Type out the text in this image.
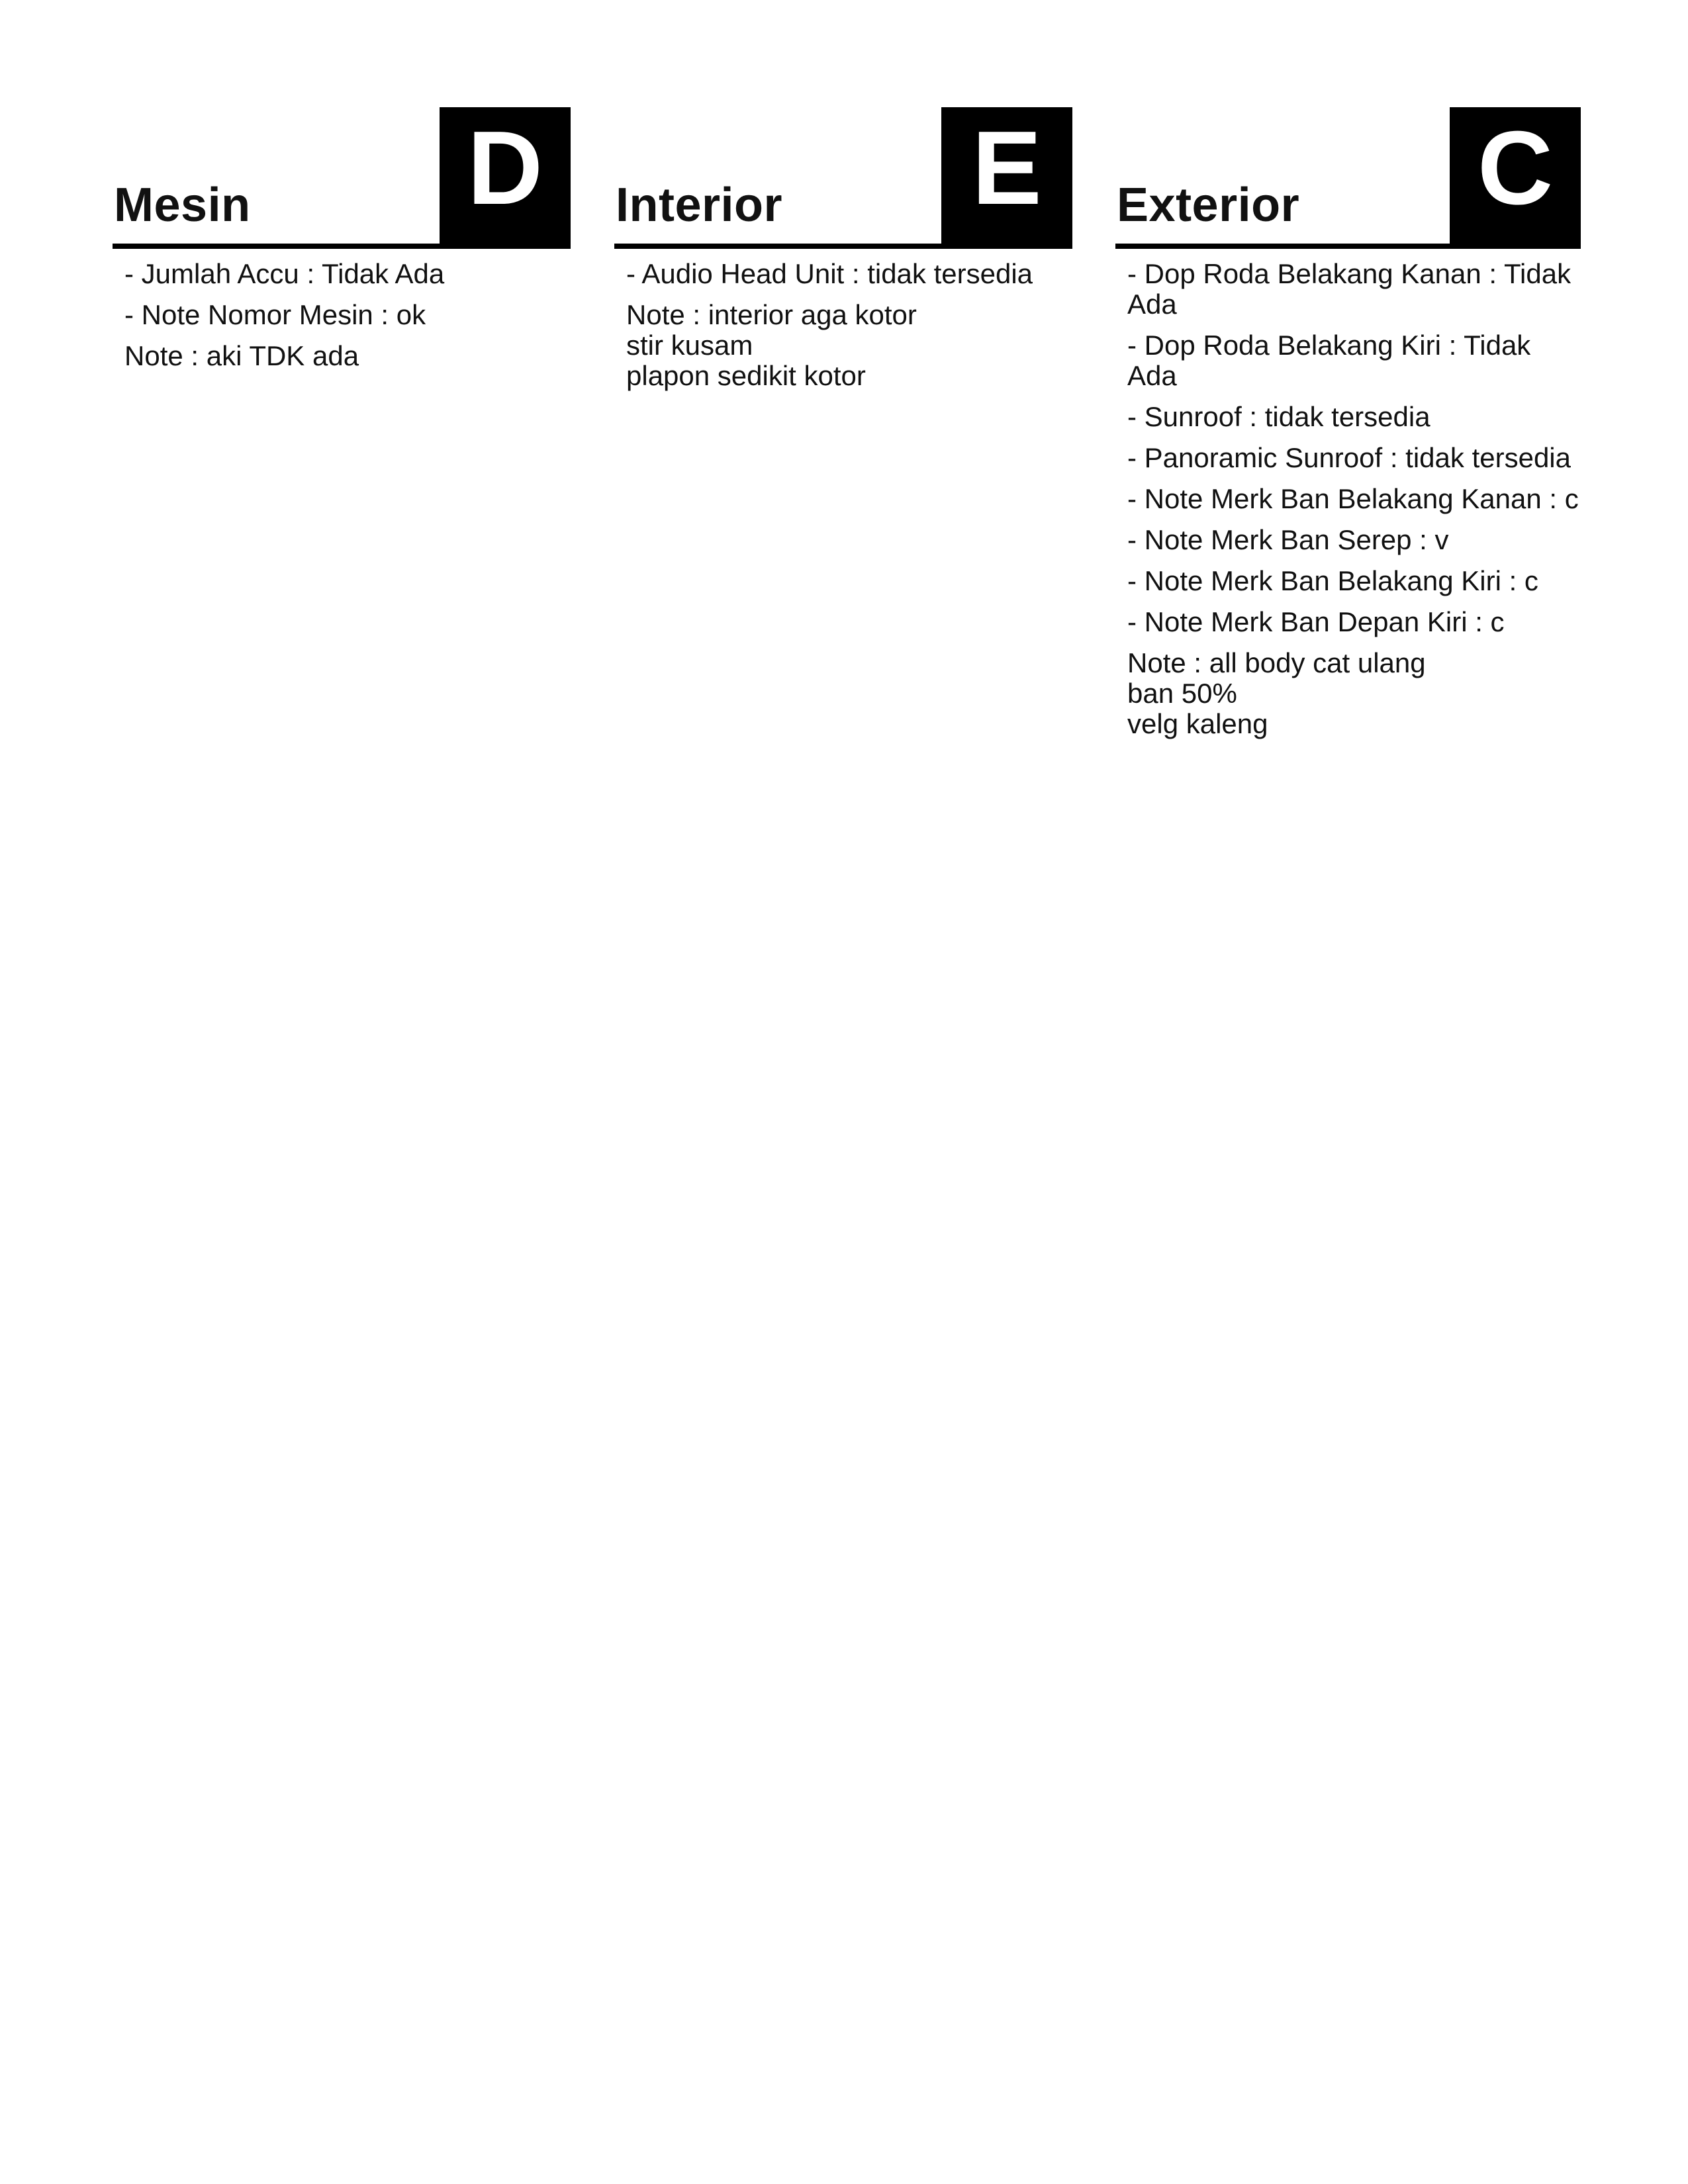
Mesin D
- Jumlah Accu : Tidak Ada
- Note Nomor Mesin : ok
Note : aki TDK ada
Interior E
- Audio Head Unit : tidak tersedia
Note : interior aga kotor
stir kusam
plapon sedikit kotor
Exterior C
- Dop Roda Belakang Kanan : Tidak Ada
- Dop Roda Belakang Kiri : Tidak Ada
- Sunroof : tidak tersedia
- Panoramic Sunroof : tidak tersedia
- Note Merk Ban Belakang Kanan : c
- Note Merk Ban Serep : v
- Note Merk Ban Belakang Kiri : c
- Note Merk Ban Depan Kiri : c
Note : all body cat ulang
ban 50%
velg kaleng
